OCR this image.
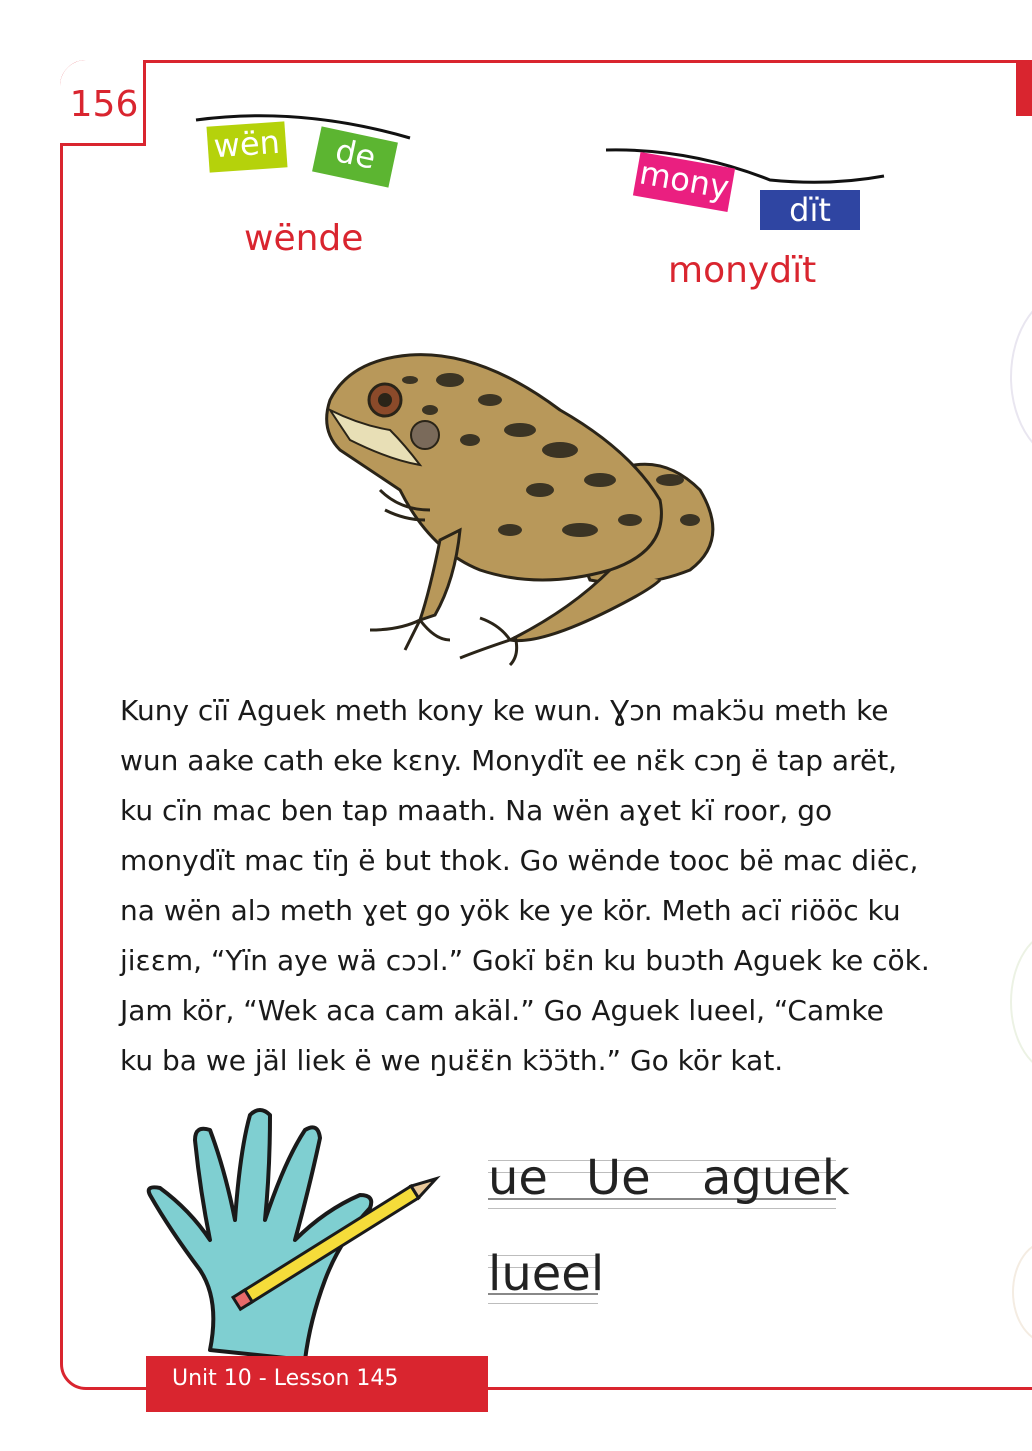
156
wën	de
wënde
mony
dït
monydït

Kuny cïï Aguek meth kony ke wun. Ɣɔn makɔ̈u meth ke

wun aake cath eke kɛny. Monydït ee nɛ̈k cɔŋ ë tap arët,

ku cïn mac ben tap maath. Na wën aɣet kï roor, go

monydït mac tïŋ ë but thok. Go wënde tooc bë mac diëc,

na wën alɔ meth ɣet go yök ke ye kör. Meth acï riööc ku

jiɛɛm, “Yïn aye wä cɔɔl.” Gokï bɛ̈n ku buɔth Aguek ke cök.

Jam kör, “Wek aca cam akäl.” Go Aguek lueel, “Camke

ku ba we jäl liek ë we ŋuɛ̈ɛ̈n kɔ̈ɔ̈th.” Go kör kat.

ue Ue aguek
lueel
Unit 10 - Lesson 145
